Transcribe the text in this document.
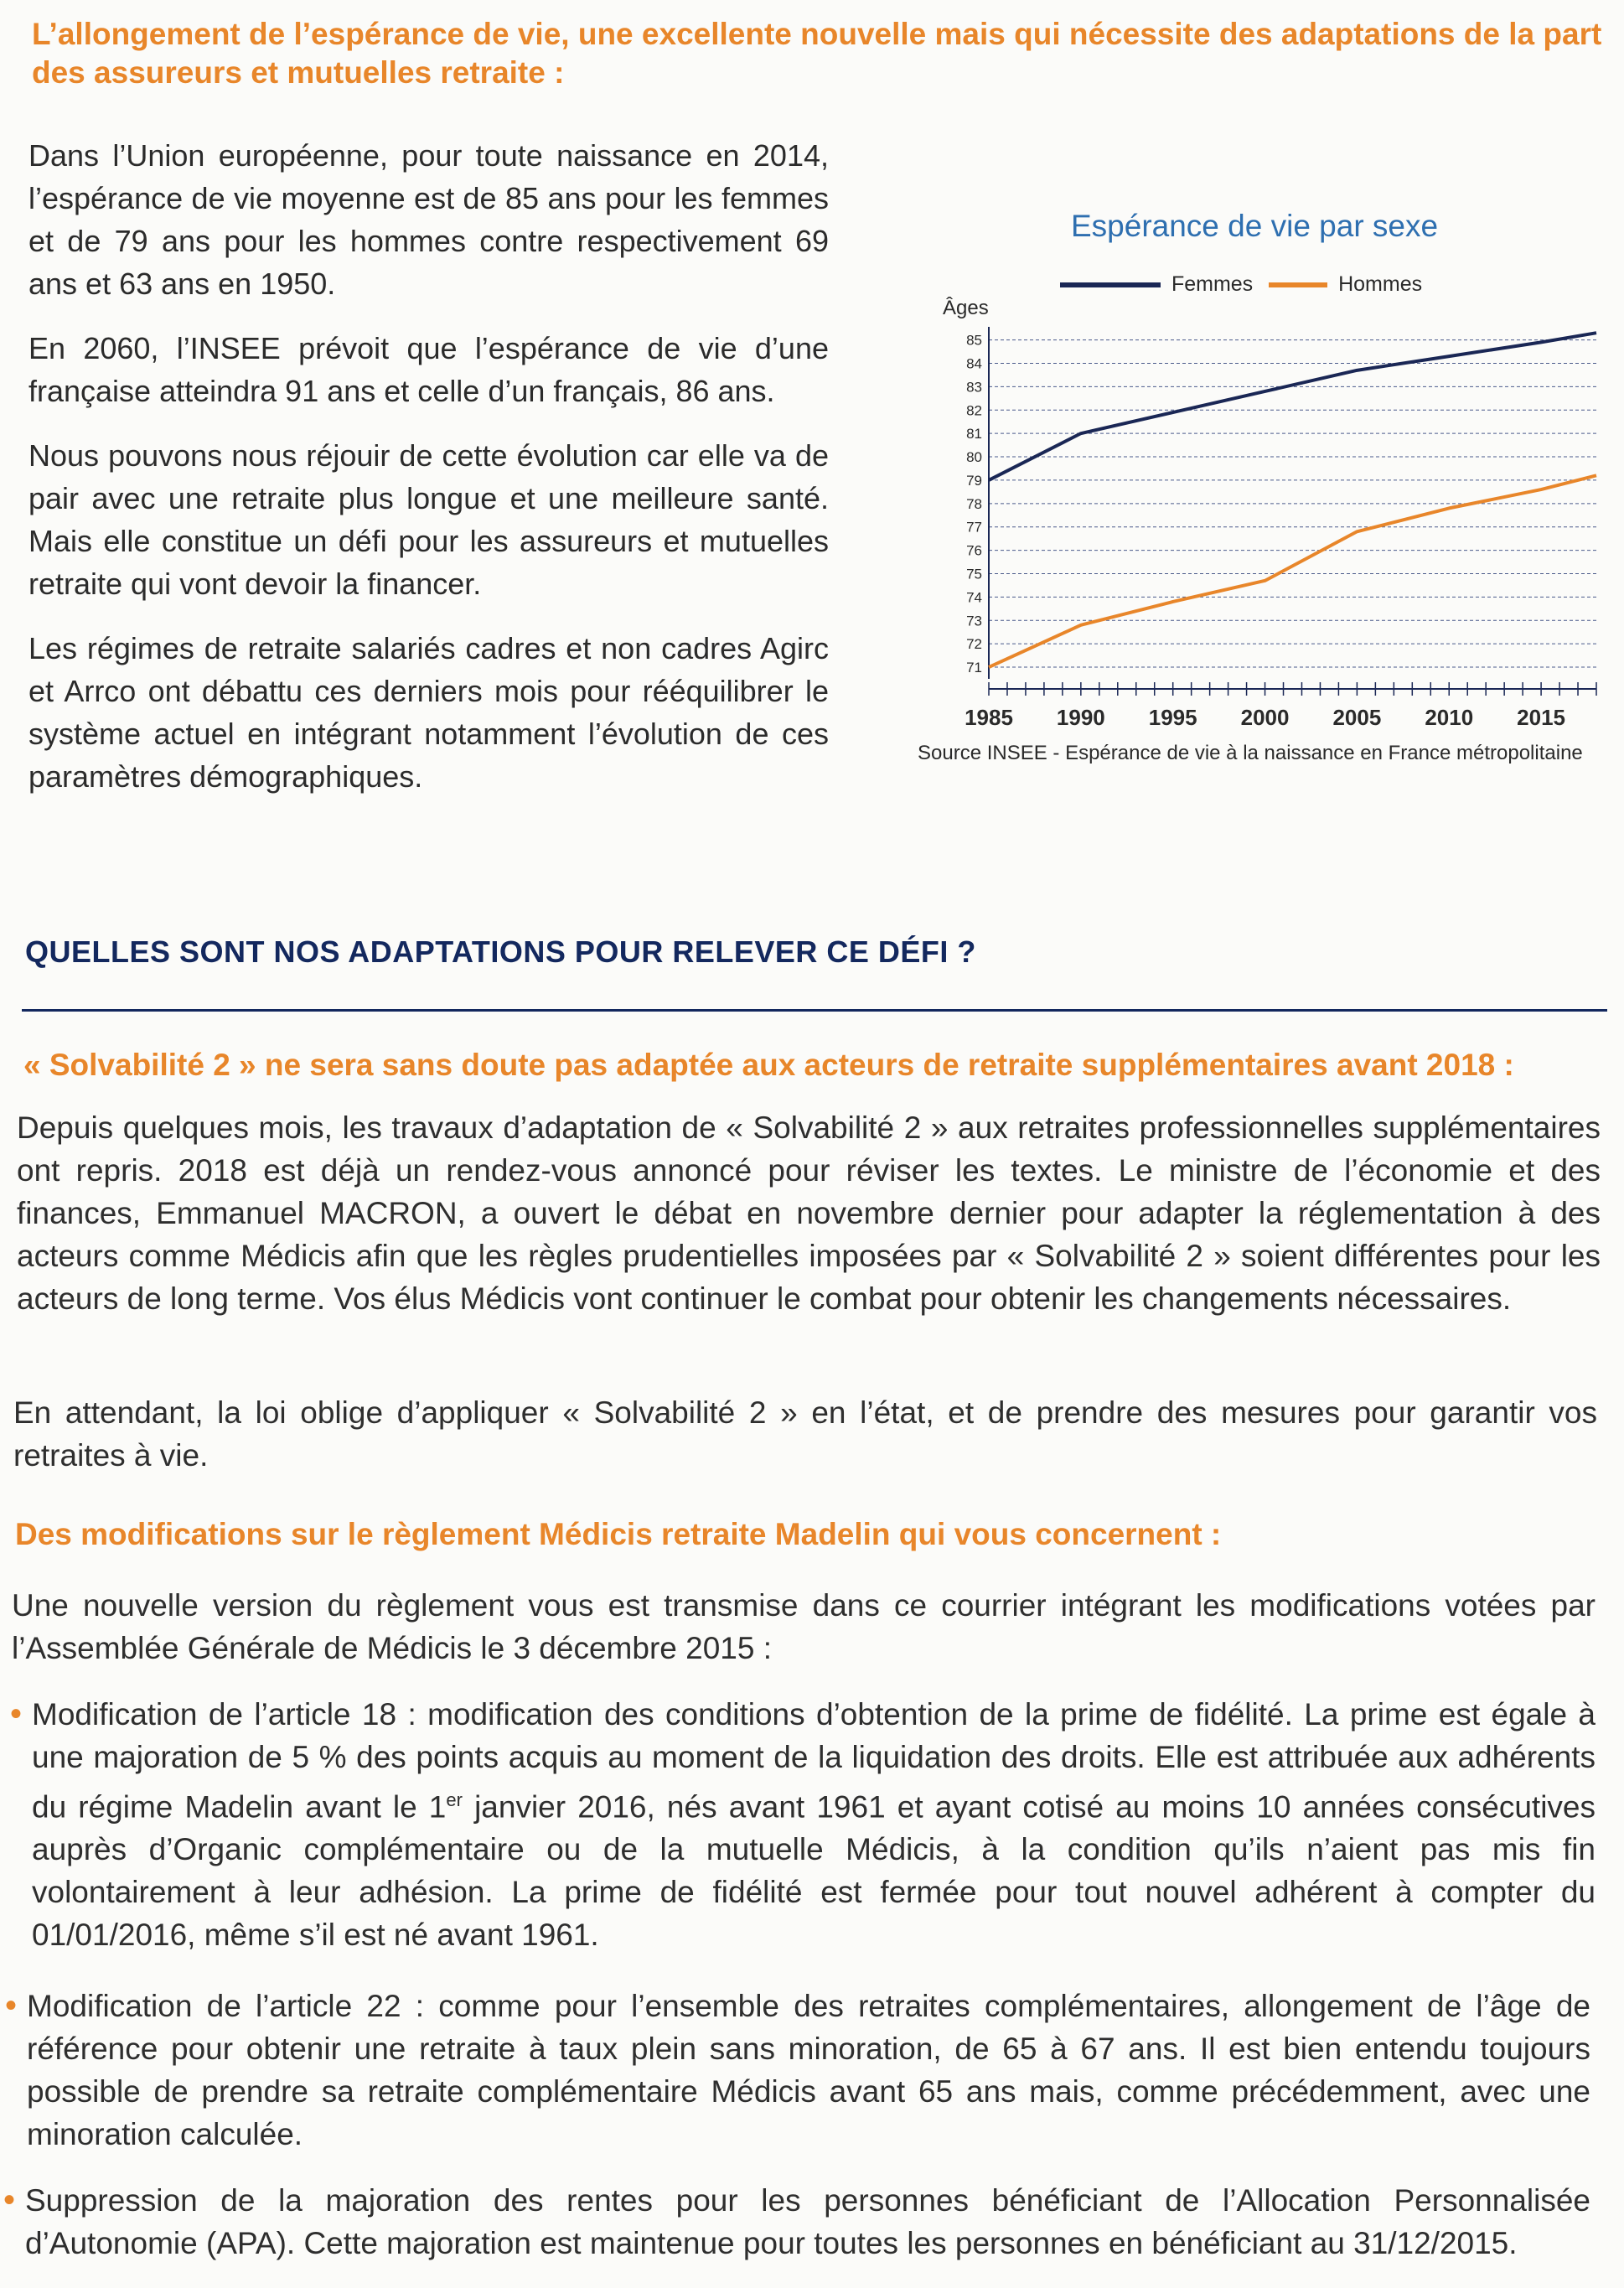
L’allongement de l’espérance de vie, une excellente nouvelle mais qui nécessite des adaptations de la part des assureurs et mutuelles retraite :

Dans l’Union européenne, pour toute naissance en 2014, l’espérance de vie moyenne est de 85 ans pour les femmes et de 79 ans pour les hommes contre respectivement 69 ans et 63 ans en 1950.

En 2060, l’INSEE prévoit que l’espérance de vie d’une française atteindra 91 ans et celle d’un français, 86 ans.

Nous pouvons nous réjouir de cette évolution car elle va de pair avec une retraite plus longue et une meilleure santé. Mais elle constitue un défi pour les assureurs et mutuelles retraite qui vont devoir la financer.

Les régimes de retraite salariés cadres et non cadres Agirc et Arrco ont débattu ces derniers mois pour rééquilibrer le système actuel en intégrant notamment l’évolution de ces paramètres démographiques.

Espérance de vie par sexe
Femmes	Hommes
Âges
71
72
73
74
75
76
77
78
79
80
81
82
83
84
85
1985 1990 1995 2000 2005 2010 2015
Source INSEE - Espérance de vie à la naissance en France métropolitaine
QUELLES SONT NOS ADAPTATIONS POUR RELEVER CE DÉFI ?
« Solvabilité 2 » ne sera sans doute pas adaptée aux acteurs de retraite supplémentaires avant 2018 :

Depuis quelques mois, les travaux d’adaptation de « Solvabilité 2 » aux retraites professionnelles supplémentaires ont repris. 2018 est déjà un rendez-vous annoncé pour réviser les textes. Le ministre de l’économie et des finances, Emmanuel MACRON, a ouvert le débat en novembre dernier pour adapter la réglementation à des acteurs comme Médicis afin que les règles prudentielles imposées par « Solvabilité 2 » soient différentes pour les acteurs de long terme. Vos élus Médicis vont continuer le combat pour obtenir les changements nécessaires.

En attendant, la loi oblige d’appliquer « Solvabilité 2 » en l’état, et de prendre des mesures pour garantir vos retraites à vie.

Des modifications sur le règlement Médicis retraite Madelin qui vous concernent :

Une nouvelle version du règlement vous est transmise dans ce courrier intégrant les modifications votées par l’Assemblée Générale de Médicis le 3 décembre 2015 :

• Modification de l’article 18 : modification des conditions d’obtention de la prime de fidélité. La prime est égale à une majoration de 5 % des points acquis au moment de la liquidation des droits. Elle est attribuée aux adhérents du régime Madelin avant le 1er janvier 2016, nés avant 1961 et ayant cotisé au moins 10 années consécutives auprès d’Organic complémentaire ou de la mutuelle Médicis, à la condition qu’ils n’aient pas mis fin volontairement à leur adhésion. La prime de fidélité est fermée pour tout nouvel adhérent à compter du 01/01/2016, même s’il est né avant 1961.

• Modification de l’article 22 : comme pour l’ensemble des retraites complémentaires, allongement de l’âge de référence pour obtenir une retraite à taux plein sans minoration, de 65 à 67 ans. Il est bien entendu toujours possible de prendre sa retraite complémentaire Médicis avant 65 ans mais, comme précédemment, avec une minoration calculée.

• Suppression de la majoration des rentes pour les personnes bénéficiant de l’Allocation Personnalisée d’Autonomie (APA). Cette majoration est maintenue pour toutes les personnes en bénéficiant au 31/12/2015.
